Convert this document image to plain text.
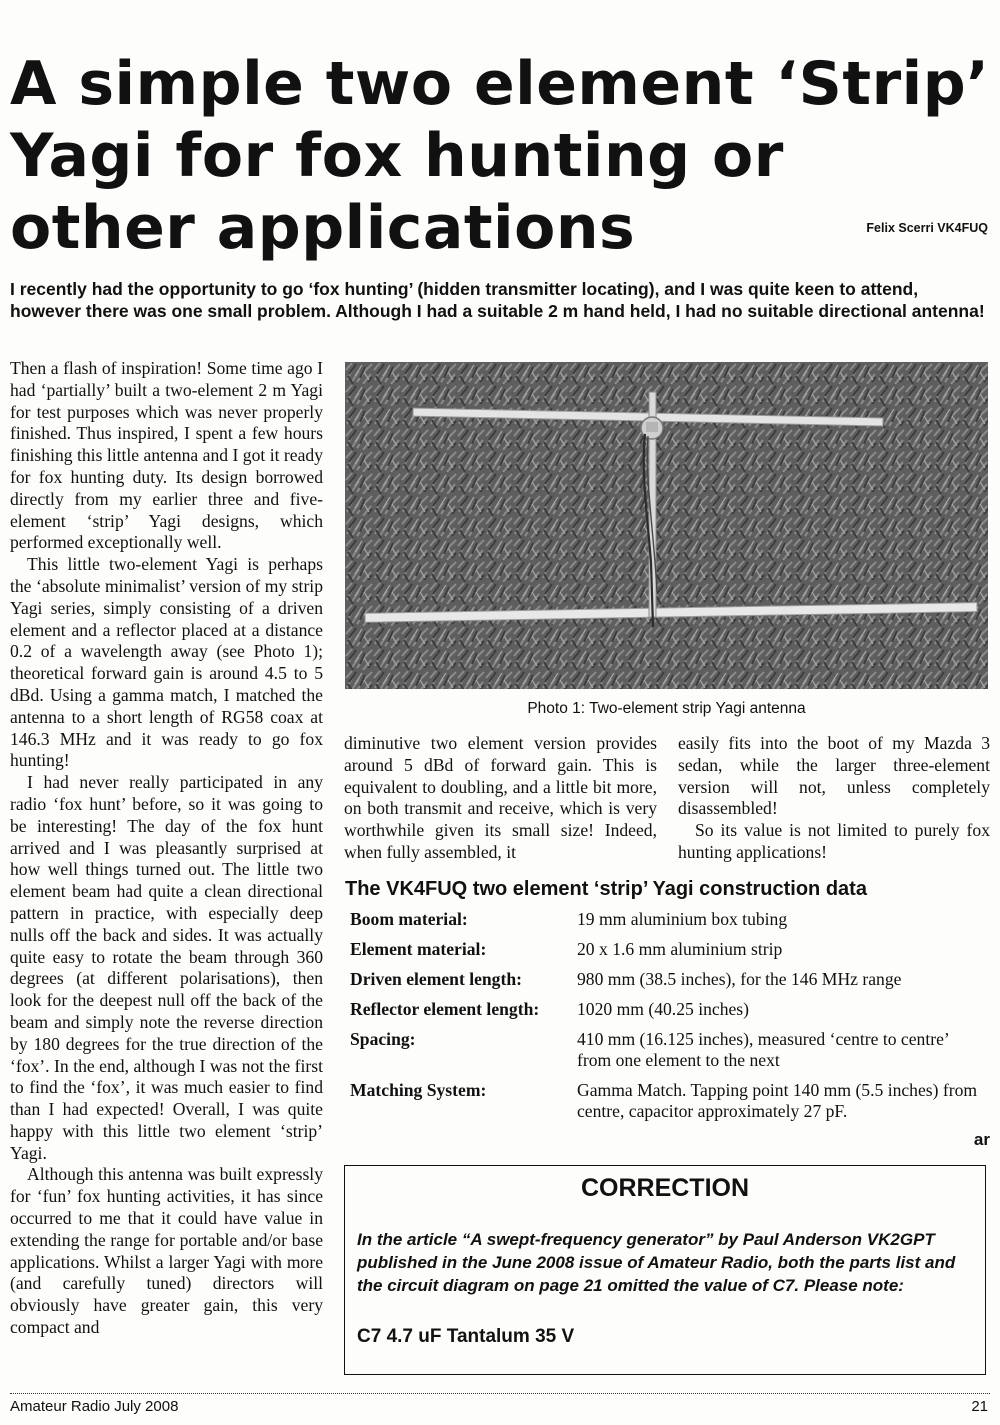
A simple two element ‘Strip’ Yagi for fox hunting or other applications	Felix Scerri VK4FUQ

I recently had the opportunity to go ‘fox hunting’ (hidden transmitter locating), and I was quite keen to attend, however there was one small problem. Although I had a suitable 2 m hand held, I had no suitable directional antenna!

Then a flash of inspiration! Some time ago I had ‘partially’ built a two-element 2 m Yagi for test purposes which was never properly finished. Thus inspired, I spent a few hours finishing this little antenna and I got it ready for fox hunting duty. Its design borrowed directly from my earlier three and five-element ‘strip’ Yagi designs, which performed exceptionally well.

This little two-element Yagi is perhaps the ‘absolute minimalist’ version of my strip Yagi series, simply consisting of a driven element and a reflector placed at a distance 0.2 of a wavelength away (see Photo 1); theoretical forward gain is around 4.5 to 5 dBd. Using a gamma match, I matched the antenna to a short length of RG58 coax at 146.3 MHz and it was ready to go fox hunting!

I had never really participated in any radio ‘fox hunt’ before, so it was going to be interesting! The day of the fox hunt arrived and I was pleasantly surprised at how well things turned out. The little two element beam had quite a clean directional pattern in practice, with especially deep nulls off the back and sides. It was actually quite easy to rotate the beam through 360 degrees (at different polarisations), then look for the deepest null off the back of the beam and simply note the reverse direction by 180 degrees for the true direction of the ‘fox’. In the end, although I was not the first to find the ‘fox’, it was much easier to find than I had expected! Overall, I was quite happy with this little two element ‘strip’ Yagi.

Although this antenna was built expressly for ‘fun’ fox hunting activities, it has since occurred to me that it could have value in extending the range for portable and/or base applications. Whilst a larger Yagi with more (and carefully tuned) directors will obviously have greater gain, this very compact and

Photo 1: Two-element strip Yagi antenna

diminutive two element version provides around 5 dBd of forward gain. This is equivalent to doubling, and a little bit more, on both transmit and receive, which is very worthwhile given its small size! Indeed, when fully assembled, it

easily fits into the boot of my Mazda 3 sedan, while the larger three-element version will not, unless completely disassembled!

So its value is not limited to purely fox hunting applications!

The VK4FUQ two element ‘strip’ Yagi construction data
Boom material:	19 mm aluminium box tubing
Element material:	20 x 1.6 mm aluminium strip
Driven element length:	980 mm (38.5 inches), for the 146 MHz range
Reflector element length:	1020 mm (40.25 inches)
Spacing:	410 mm (16.125 inches), measured ‘centre to centre’ from one element to the next
Matching System:	Gamma Match. Tapping point 140 mm (5.5 inches) from centre, capacitor approximately 27 pF.
ar
CORRECTION

In the article “A swept-frequency generator” by Paul Anderson VK2GPT published in the June 2008 issue of Amateur Radio, both the parts list and the circuit diagram on page 21 omitted the value of C7. Please note:

C7 4.7 uF Tantalum 35 V

Amateur Radio July 2008	21
